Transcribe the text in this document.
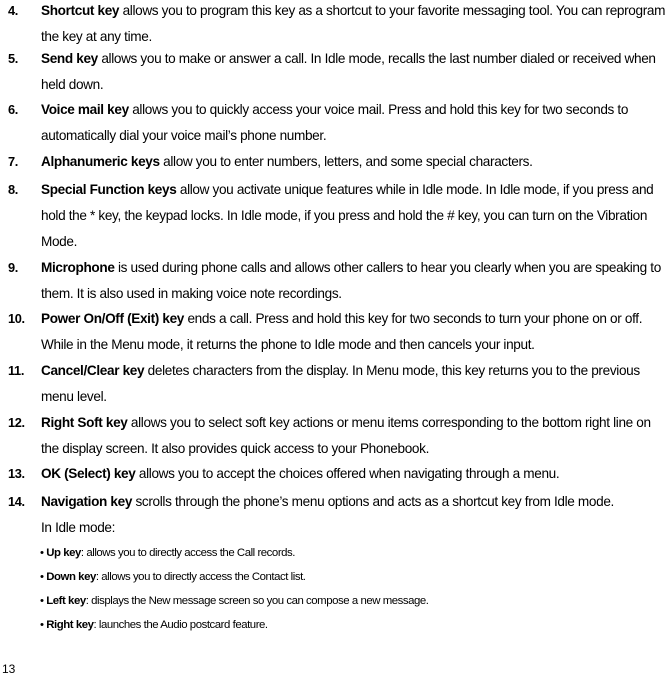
4.	Shortcut key allows you to program this key as a shortcut to your favorite messaging tool. You can reprogram the key at any time.
5.	Send key allows you to make or answer a call. In Idle mode, recalls the last number dialed or received when held down.
6.	Voice mail key allows you to quickly access your voice mail. Press and hold this key for two seconds to automatically dial your voice mail’s phone number.
7.	Alphanumeric keys allow you to enter numbers, letters, and some special characters.
8.	Special Function keys allow you activate unique features while in Idle mode. In Idle mode, if you press and hold the * key, the keypad locks. In Idle mode, if you press and hold the # key, you can turn on the Vibration Mode.
9.	Microphone is used during phone calls and allows other callers to hear you clearly when you are speaking to them. It is also used in making voice note recordings.
10.	Power On/Off (Exit) key ends a call. Press and hold this key for two seconds to turn your phone on or off. While in the Menu mode, it returns the phone to Idle mode and then cancels your input.
11.	Cancel/Clear key deletes characters from the display. In Menu mode, this key returns you to the previous menu level.
12.	Right Soft key allows you to select soft key actions or menu items corresponding to the bottom right line on the display screen. It also provides quick access to your Phonebook.
13.	OK (Select) key allows you to accept the choices offered when navigating through a menu.
14.	Navigation key scrolls through the phone’s menu options and acts as a shortcut key from Idle mode.
In Idle mode:
• Up key: allows you to directly access the Call records.
• Down key: allows you to directly access the Contact list.
• Left key: displays the New message screen so you can compose a new message.
• Right key: launches the Audio postcard feature.
13
